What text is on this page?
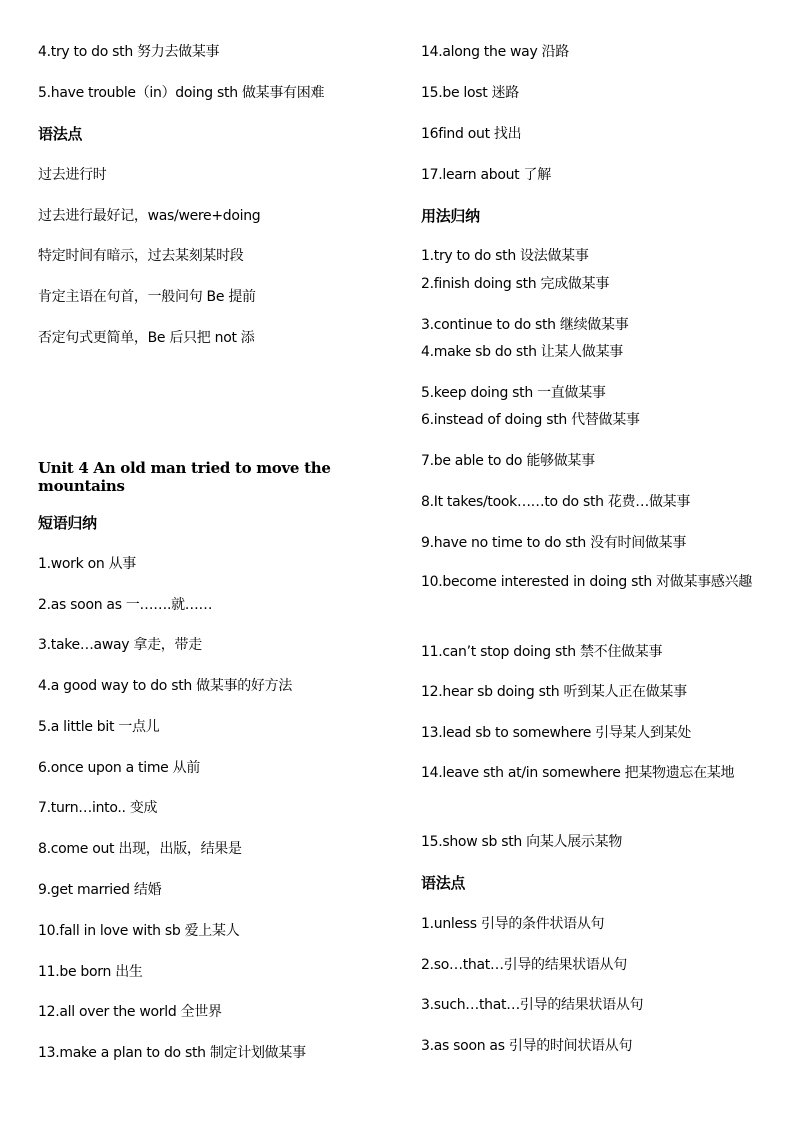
4.try to do sth 努力去做某事
5.have trouble（in）doing sth 做某事有困难
语法点
过去进行时
过去进行最好记，was/were+doing
特定时间有暗示，过去某刻某时段
肯定主语在句首，一般问句 Be 提前
否定句式更简单，Be 后只把 not 添
Unit 4 An old man tried to move the mountains
短语归纳
1.work on 从事
2.as soon as 一…….就……
3.take…away 拿走，带走
4.a good way to do sth 做某事的好方法
5.a little bit 一点儿
6.once upon a time 从前
7.turn…into.. 变成
8.come out 出现，出版，结果是
9.get married 结婚
10.fall in love with sb 爱上某人
11.be born 出生
12.all over the world 全世界
13.make a plan to do sth 制定计划做某事
14.along the way 沿路
15.be lost 迷路
16find out 找出
17.learn about 了解
用法归纳
1.try to do sth 设法做某事
2.finish doing sth 完成做某事
3.continue to do sth 继续做某事
4.make sb do sth 让某人做某事
5.keep doing sth 一直做某事
6.instead of doing sth 代替做某事
7.be able to do 能够做某事
8.It takes/took……to do sth 花费…做某事
9.have no time to do sth 没有时间做某事
10.become interested in doing sth 对做某事感兴趣
11.can’t stop doing sth 禁不住做某事
12.hear sb doing sth 听到某人正在做某事
13.lead sb to somewhere 引导某人到某处
14.leave sth at/in somewhere 把某物遗忘在某地
15.show sb sth 向某人展示某物
语法点
1.unless 引导的条件状语从句
2.so…that…引导的结果状语从句
3.such…that…引导的结果状语从句
3.as soon as 引导的时间状语从句
